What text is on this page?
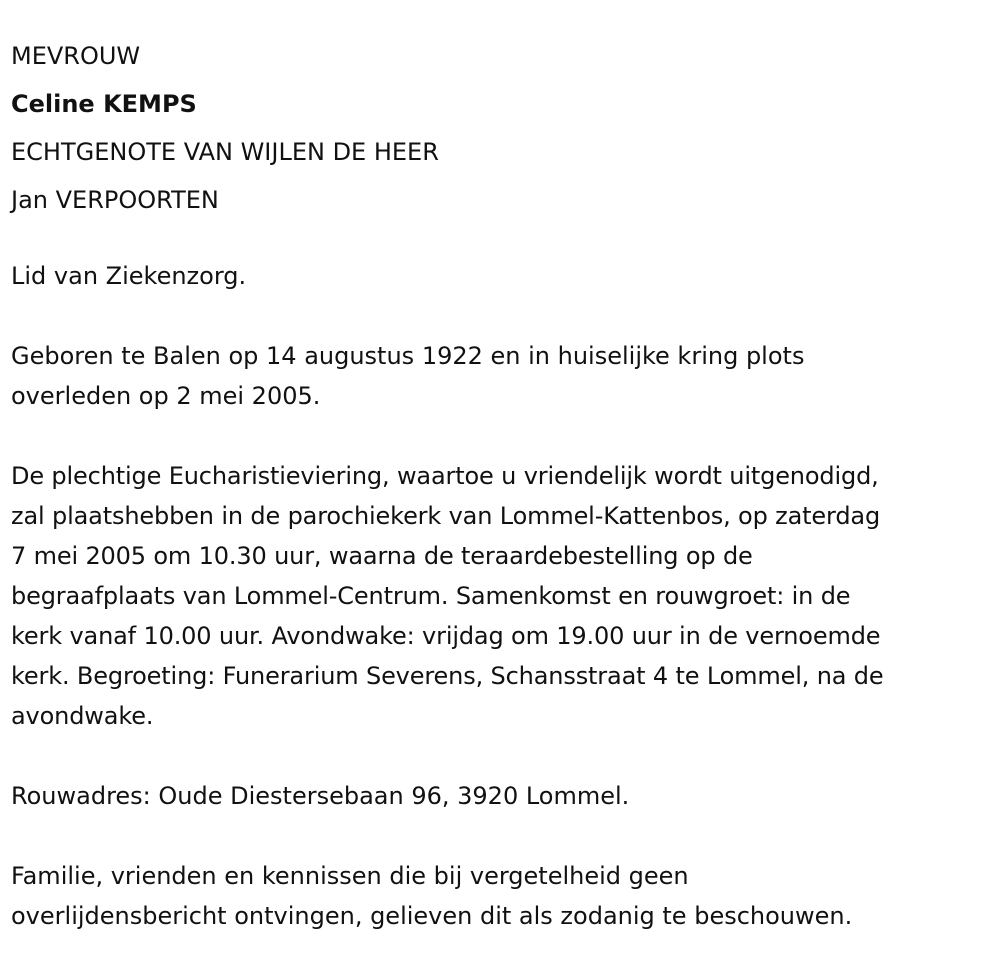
MEVROUW
Celine KEMPS
ECHTGENOTE VAN WIJLEN DE HEER
Jan VERPOORTEN

Lid van Ziekenzorg.

Geboren te Balen op 14 augustus 1922 en in huiselijke kring plots
overleden op 2 mei 2005.

De plechtige Eucharistieviering, waartoe u vriendelijk wordt uitgenodigd,
zal plaatshebben in de parochiekerk van Lommel-Kattenbos, op zaterdag
7 mei 2005 om 10.30 uur, waarna de teraardebestelling op de
begraafplaats van Lommel-Centrum. Samenkomst en rouwgroet: in de
kerk vanaf 10.00 uur. Avondwake: vrijdag om 19.00 uur in de vernoemde
kerk. Begroeting: Funerarium Severens, Schansstraat 4 te Lommel, na de
avondwake.

Rouwadres: Oude Diestersebaan 96, 3920 Lommel.

Familie, vrienden en kennissen die bij vergetelheid geen
overlijdensbericht ontvingen, gelieven dit als zodanig te beschouwen.
